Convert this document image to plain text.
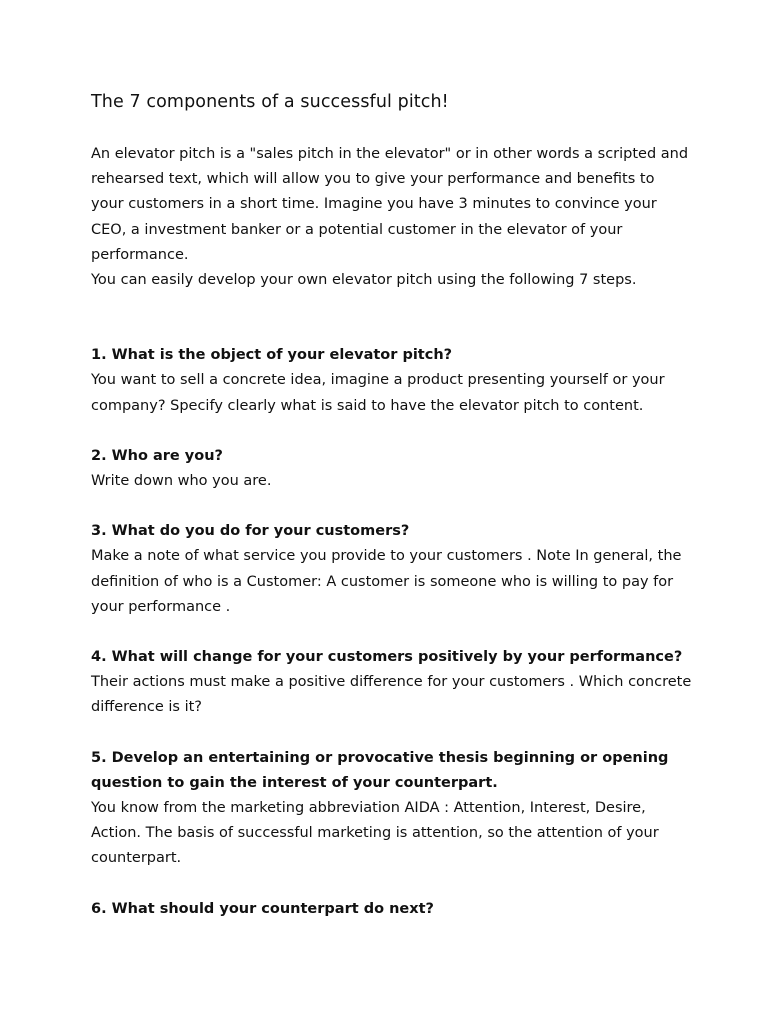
The 7 components of a successful pitch!

An elevator pitch is a "sales pitch in the elevator" or in other words a scripted and

rehearsed text, which will allow you to give your performance and benefits to

your customers in a short time. Imagine you have 3 minutes to convince your

CEO, a investment banker or a potential customer in the elevator of your

performance.

You can easily develop your own elevator pitch using the following 7 steps.

1. What is the object of your elevator pitch?

You want to sell a concrete idea, imagine a product presenting yourself or your

company? Specify clearly what is said to have the elevator pitch to content.

2. Who are you?

Write down who you are.

3. What do you do for your customers?

Make a note of what service you provide to your customers . Note In general, the

definition of who is a Customer: A customer is someone who is willing to pay for

your performance .

4. What will change for your customers positively by your performance?

Their actions must make a positive difference for your customers . Which concrete

difference is it?

5. Develop an entertaining or provocative thesis beginning or opening

question to gain the interest of your counterpart.

You know from the marketing abbreviation AIDA : Attention, Interest, Desire,

Action. The basis of successful marketing is attention, so the attention of your

counterpart.

6. What should your counterpart do next?
